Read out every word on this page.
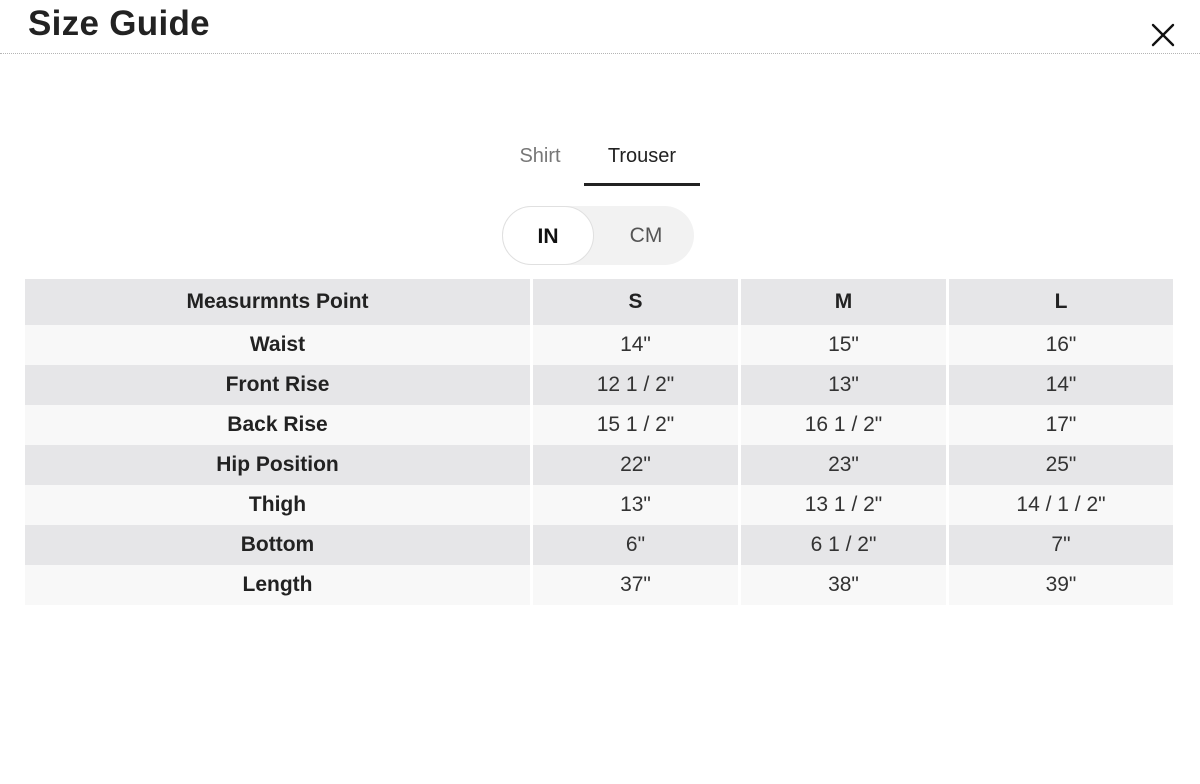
Size Guide
Shirt	Trouser
IN	CM
Measurmnts Point	S	M	L
Waist	14"	15"	16"
Front Rise	12 1 / 2"	13"	14"
Back Rise	15 1 / 2"	16 1 / 2"	17"
Hip Position	22"	23"	25"
Thigh	13"	13 1 / 2"	14 / 1 / 2"
Bottom	6"	6 1 / 2"	7"
Length	37"	38"	39"
